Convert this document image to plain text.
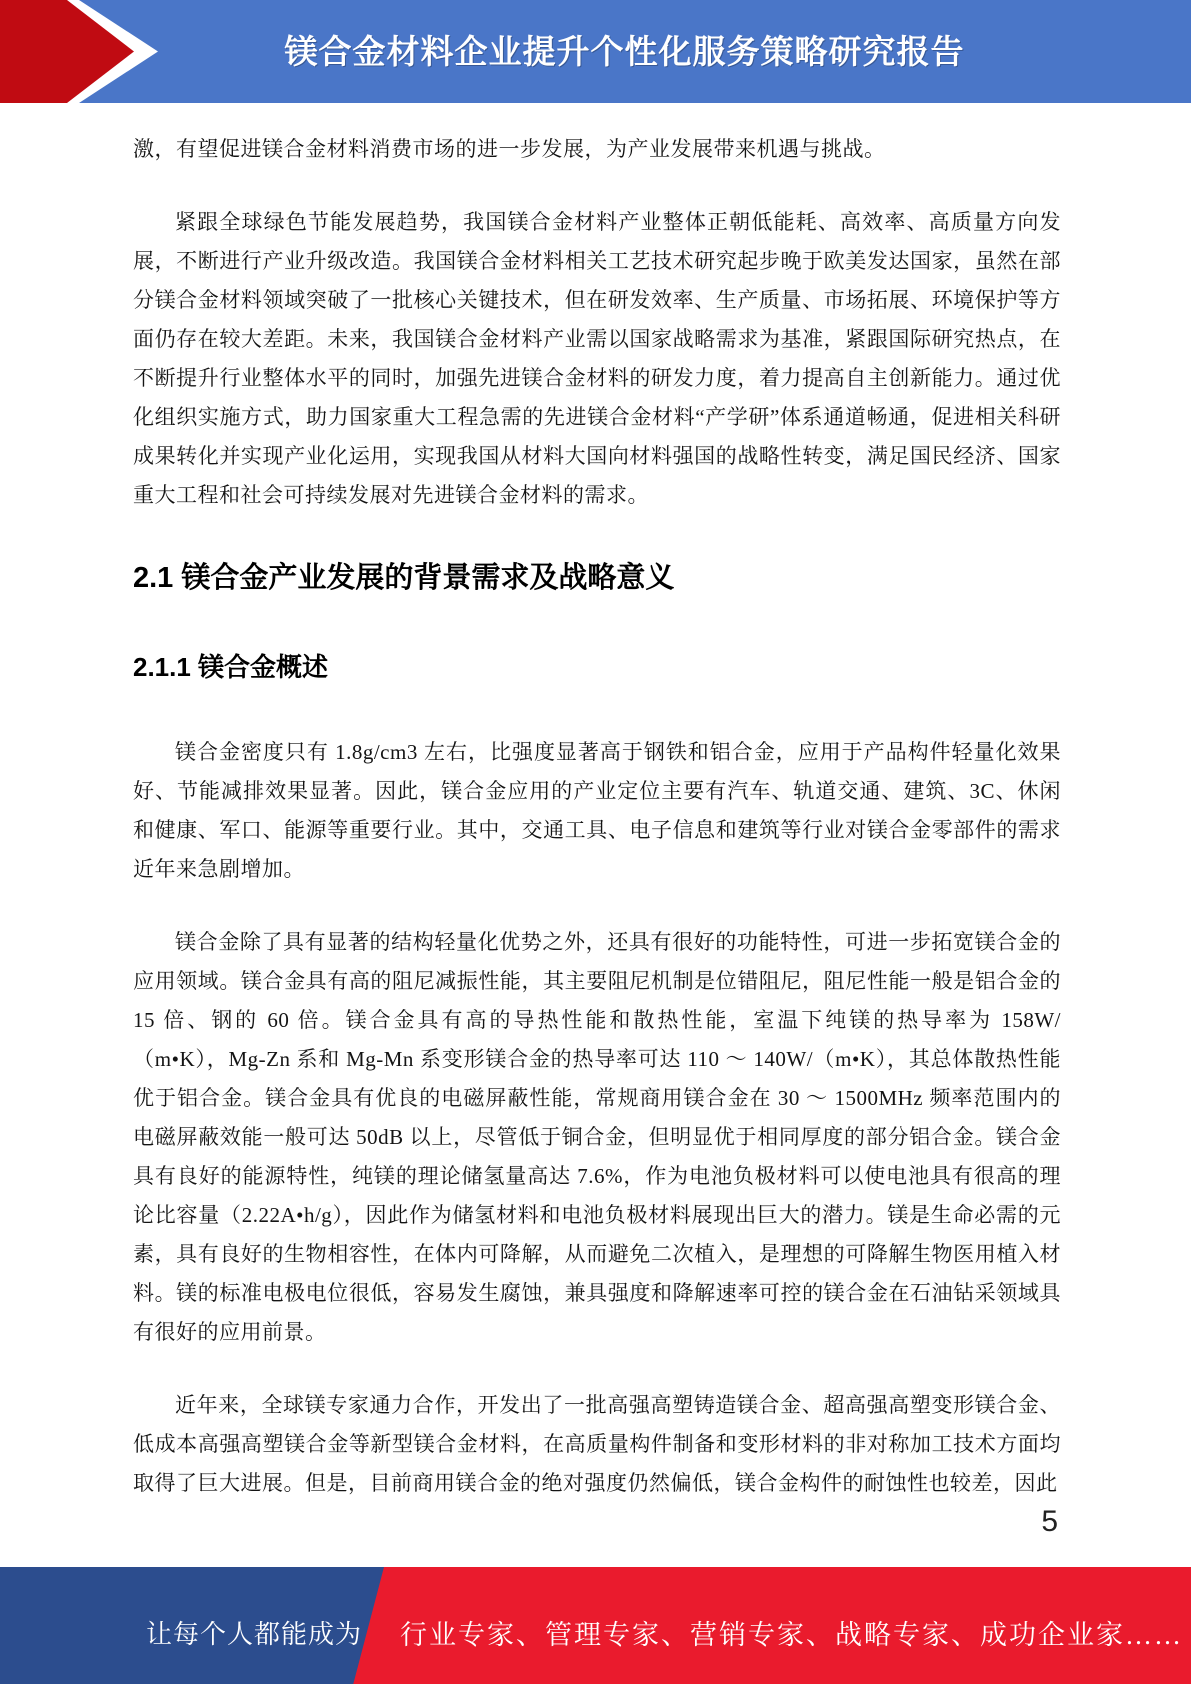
镁合金材料企业提升个性化服务策略研究报告

激，有望促进镁合金材料消费市场的进一步发展，为产业发展带来机遇与挑战。

紧跟全球绿色节能发展趋势，我国镁合金材料产业整体正朝低能耗、高效率、高质量方向发展，不断进行产业升级改造。我国镁合金材料相关工艺技术研究起步晚于欧美发达国家，虽然在部分镁合金材料领域突破了一批核心关键技术，但在研发效率、生产质量、市场拓展、环境保护等方面仍存在较大差距。未来，我国镁合金材料产业需以国家战略需求为基准，紧跟国际研究热点，在不断提升行业整体水平的同时，加强先进镁合金材料的研发力度，着力提高自主创新能力。通过优化组织实施方式，助力国家重大工程急需的先进镁合金材料“产学研”体系通道畅通，促进相关科研成果转化并实现产业化运用，实现我国从材料大国向材料强国的战略性转变，满足国民经济、国家重大工程和社会可持续发展对先进镁合金材料的需求。

2.1 镁合金产业发展的背景需求及战略意义
2.1.1 镁合金概述

镁合金密度只有 1.8g/cm3 左右，比强度显著高于钢铁和铝合金，应用于产品构件轻量化效果好、节能减排效果显著。因此，镁合金应用的产业定位主要有汽车、轨道交通、建筑、3C、休闲和健康、军口、能源等重要行业。其中，交通工具、电子信息和建筑等行业对镁合金零部件的需求近年来急剧增加。

镁合金除了具有显著的结构轻量化优势之外，还具有很好的功能特性，可进一步拓宽镁合金的应用领域。镁合金具有高的阻尼减振性能，其主要阻尼机制是位错阻尼，阻尼性能一般是铝合金的 15 倍、钢的 60 倍。镁合金具有高的导热性能和散热性能，室温下纯镁的热导率为 158W/（m•K），Mg-Zn 系和 Mg-Mn 系变形镁合金的热导率可达 110 ～ 140W/（m•K），其总体散热性能优于铝合金。镁合金具有优良的电磁屏蔽性能，常规商用镁合金在 30 ～ 1500MHz 频率范围内的电磁屏蔽效能一般可达 50dB 以上，尽管低于铜合金，但明显优于相同厚度的部分铝合金。镁合金具有良好的能源特性，纯镁的理论储氢量高达 7.6%，作为电池负极材料可以使电池具有很高的理论比容量（2.22A•h/g），因此作为储氢材料和电池负极材料展现出巨大的潜力。镁是生命必需的元素，具有良好的生物相容性，在体内可降解，从而避免二次植入，是理想的可降解生物医用植入材料。镁的标准电极电位很低，容易发生腐蚀，兼具强度和降解速率可控的镁合金在石油钻采领域具有很好的应用前景。

近年来，全球镁专家通力合作，开发出了一批高强高塑铸造镁合金、超高强高塑变形镁合金、低成本高强高塑镁合金等新型镁合金材料，在高质量构件制备和变形材料的非对称加工技术方面均取得了巨大进展。但是，目前商用镁合金的绝对强度仍然偏低，镁合金构件的耐蚀性也较差，因此

5
让每个人都能成为 行业专家、管理专家、营销专家、战略专家、成功企业家……
